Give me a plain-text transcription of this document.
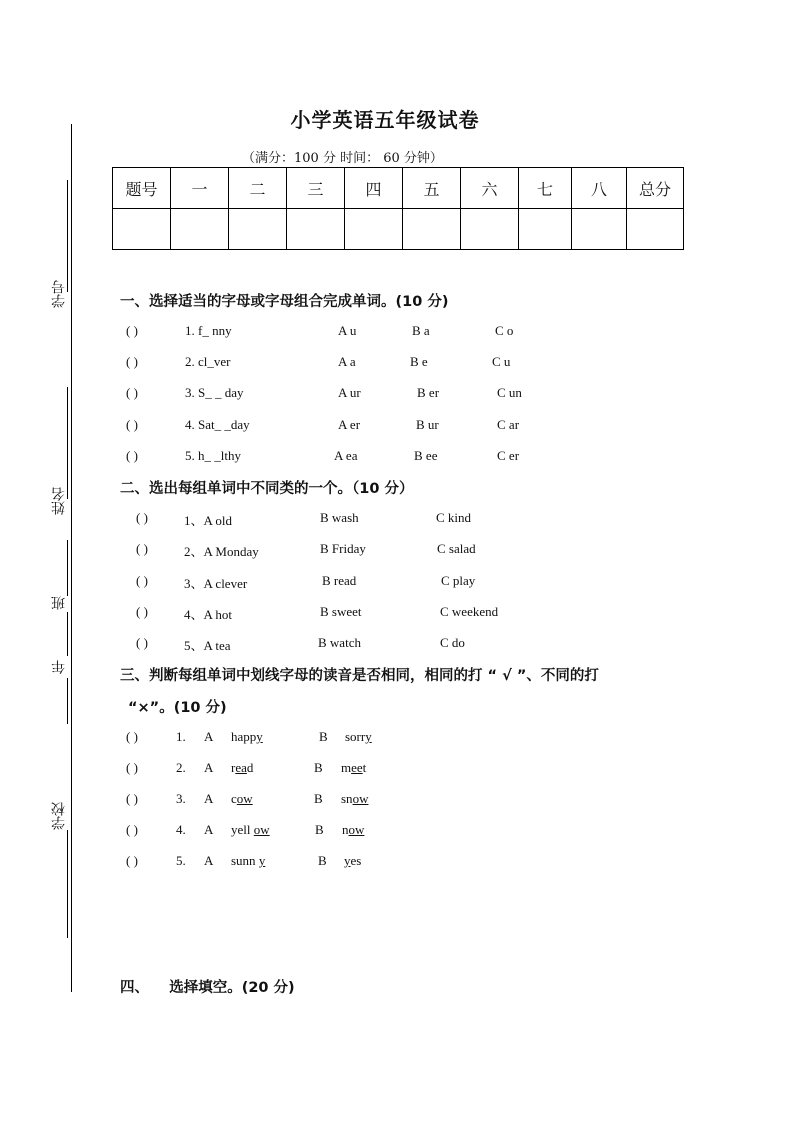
学号
姓名
班
年
学校
小学英语五年级试卷
（满分：100 分 时间： 60 分钟）
题号	一	二	三	四	五	六	七	八	总分

一、选择适当的字母或字母组合完成单词。(10 分)
( )	1. f_ nny	A u	B a	C o
( )	2. cl_ver	A a	B e	C u
( )	3. S_ _ day	A ur	B er	C un
( )	4. Sat_ _day	A er	B ur	C ar
( )	5. h_ _lthy	A ea	B ee	C er
二、选出每组单词中不同类的一个。（10 分）
( )	1、A old	B wash	C kind
( )	2、A Monday	B Friday	C salad
( )	3、A clever	B read	C play
( )	4、A hot	B sweet	C weekend
( )	5、A tea	B watch	C do
三、判断每组单词中划线字母的读音是否相同，相同的打 “ √ ”、不同的打
“×”。(10 分)
( )	1. A happy	B sorry
( )	2. A read	B meet
( )	3. A cow	B snow
( )	4. A yell ow	B now
( )	5. A sunn y	B yes
四、    选择填空。(20 分)
